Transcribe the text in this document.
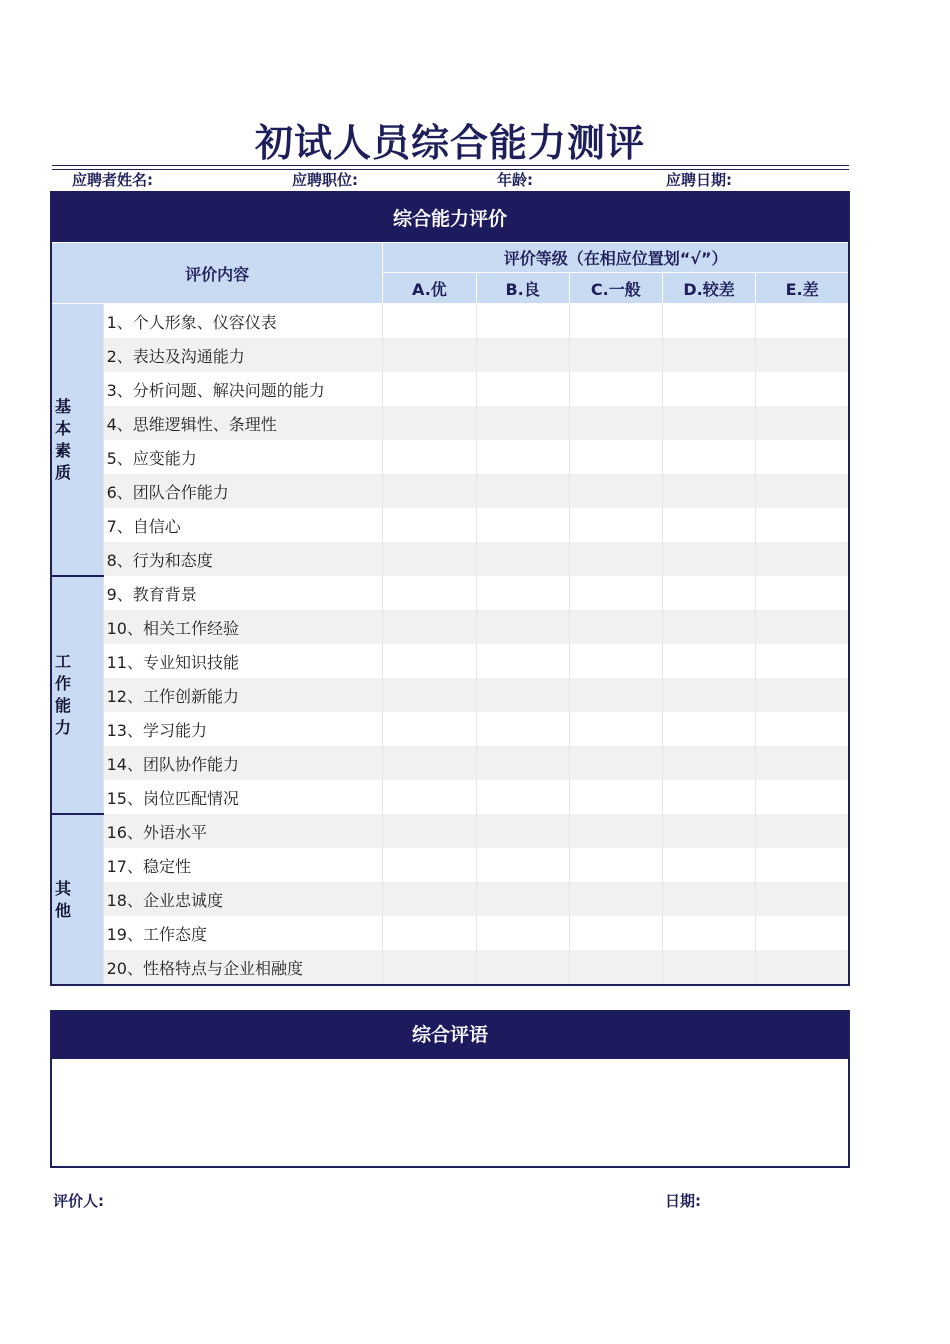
初试人员综合能力测评
应聘者姓名:	应聘职位:	年龄:	应聘日期:
综合能力评价						
评价内容		评价等级（在相应位置划“√”）				
		A.优	B.良	C.一般	D.较差	E.差

基
本
素
质	1、个人形象、仪容仪表					
	2、表达及沟通能力					
	3、分析问题、解决问题的能力					
	4、思维逻辑性、条理性					
	5、应变能力					
	6、团队合作能力					
	7、自信心					
	8、行为和态度					

工
作
能
力	9、教育背景					
	10、相关工作经验					
	11、专业知识技能					
	12、工作创新能力					
	13、学习能力					
	14、团队协作能力					
	15、岗位匹配情况					

其
他	16、外语水平					
	17、稳定性					
	18、企业忠诚度					
	19、工作态度					
	20、性格特点与企业相融度					
综合评语
评价人:	日期:
